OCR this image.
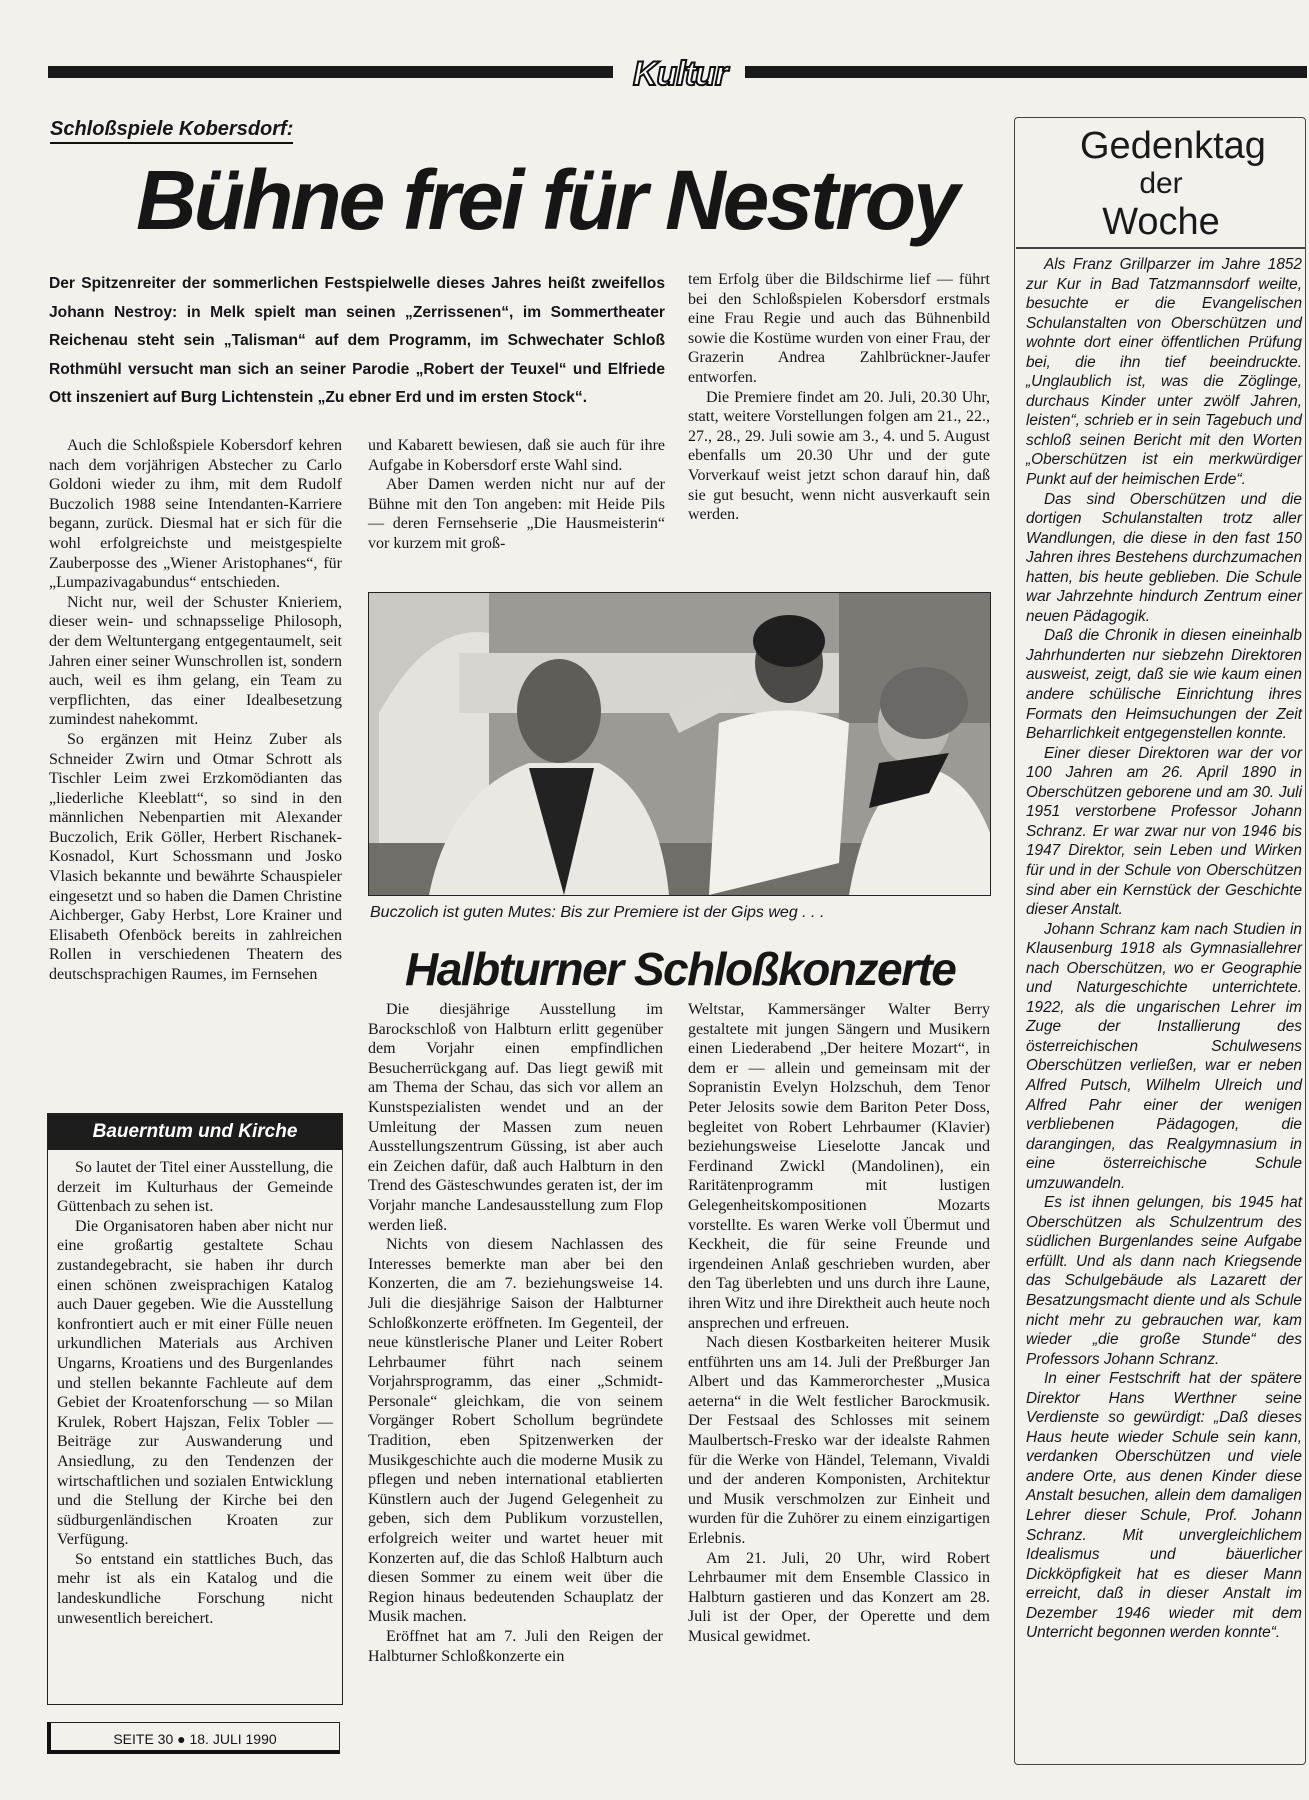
Kultur
Schloßspiele Kobersdorf:
Bühne frei für Nestroy
Der Spitzenreiter der sommerlichen Festspielwelle dieses Jahres heißt zweifellos Johann Nestroy: in Melk spielt man seinen „Zerrissenen“, im Sommertheater Reichenau steht sein „Talisman“ auf dem Programm, im Schwechater Schloß Rothmühl versucht man sich an seiner Parodie „Robert der Teuxel“ und Elfriede Ott inszeniert auf Burg Lichtenstein „Zu ebner Erd und im ersten Stock“.

Auch die Schloßspiele Kobersdorf kehren nach dem vorjährigen Abstecher zu Carlo Goldoni wieder zu ihm, mit dem Rudolf Buczolich 1988 seine Intendanten-Karriere begann, zurück. Diesmal hat er sich für die wohl erfolgreichste und meistgespielte Zauberposse des „Wiener Aristophanes“, für „Lumpazivagabundus“ entschieden.

Nicht nur, weil der Schuster Knieriem, dieser wein- und schnapsselige Philosoph, der dem Weltuntergang entgegentaumelt, seit Jahren einer seiner Wunschrollen ist, sondern auch, weil es ihm gelang, ein Team zu verpflichten, das einer Idealbesetzung zumindest nahekommt.

So ergänzen mit Heinz Zuber als Schneider Zwirn und Otmar Schrott als Tischler Leim zwei Erzkomödianten das „liederliche Kleeblatt“, so sind in den männlichen Nebenpartien mit Alexander Buczolich, Erik Göller, Herbert Rischanek-Kosnadol, Kurt Schossmann und Josko Vlasich bekannte und bewährte Schauspieler eingesetzt und so haben die Damen Christine Aichberger, Gaby Herbst, Lore Krainer und Elisabeth Ofenböck bereits in zahlreichen Rollen in verschiedenen Theatern des deutschsprachigen Raumes, im Fernsehen

und Kabarett bewiesen, daß sie auch für ihre Aufgabe in Kobersdorf erste Wahl sind.

Aber Damen werden nicht nur auf der Bühne mit den Ton angeben: mit Heide Pils — deren Fernsehserie „Die Hausmeisterin“ vor kurzem mit groß-

tem Erfolg über die Bildschirme lief — führt bei den Schloßspielen Kobersdorf erstmals eine Frau Regie und auch das Bühnenbild sowie die Kostüme wurden von einer Frau, der Grazerin Andrea Zahlbrückner-Jaufer entworfen.

Die Premiere findet am 20. Juli, 20.30 Uhr, statt, weitere Vorstellungen folgen am 21., 22., 27., 28., 29. Juli sowie am 3., 4. und 5. August ebenfalls um 20.30 Uhr und der gute Vorverkauf weist jetzt schon darauf hin, daß sie gut besucht, wenn nicht ausverkauft sein werden.

Buczolich ist guten Mutes: Bis zur Premiere ist der Gips weg . . .
Halbturner Schloßkonzerte

Die diesjährige Ausstellung im Barockschloß von Halbturn erlitt gegenüber dem Vorjahr einen empfindlichen Besucherrückgang auf. Das liegt gewiß mit am Thema der Schau, das sich vor allem an Kunstspezialisten wendet und an der Umleitung der Massen zum neuen Ausstellungszentrum Güssing, ist aber auch ein Zeichen dafür, daß auch Halbturn in den Trend des Gästeschwundes geraten ist, der im Vorjahr manche Landesausstellung zum Flop werden ließ.

Nichts von diesem Nachlassen des Interesses bemerkte man aber bei den Konzerten, die am 7. beziehungsweise 14. Juli die diesjährige Saison der Halbturner Schloßkonzerte eröffneten. Im Gegenteil, der neue künstlerische Planer und Leiter Robert Lehrbaumer führt nach seinem Vorjahrsprogramm, das einer „Schmidt-Personale“ gleichkam, die von seinem Vorgänger Robert Schollum begründete Tradition, eben Spitzenwerken der Musikgeschichte auch die moderne Musik zu pflegen und neben international etablierten Künstlern auch der Jugend Gelegenheit zu geben, sich dem Publikum vorzustellen, erfolgreich weiter und wartet heuer mit Konzerten auf, die das Schloß Halbturn auch diesen Sommer zu einem weit über die Region hinaus bedeutenden Schauplatz der Musik machen.

Eröffnet hat am 7. Juli den Reigen der Halbturner Schloßkonzerte ein

Weltstar, Kammersänger Walter Berry gestaltete mit jungen Sängern und Musikern einen Liederabend „Der heitere Mozart“, in dem er — allein und gemeinsam mit der Sopranistin Evelyn Holzschuh, dem Tenor Peter Jelosits sowie dem Bariton Peter Doss, begleitet von Robert Lehrbaumer (Klavier) beziehungsweise Lieselotte Jancak und Ferdinand Zwickl (Mandolinen), ein Raritätenprogramm mit lustigen Gelegenheitskompositionen Mozarts vorstellte. Es waren Werke voll Übermut und Keckheit, die für seine Freunde und irgendeinen Anlaß geschrieben wurden, aber den Tag überlebten und uns durch ihre Laune, ihren Witz und ihre Direktheit auch heute noch ansprechen und erfreuen.

Nach diesen Kostbarkeiten heiterer Musik entführten uns am 14. Juli der Preßburger Jan Albert und das Kammerorchester „Musica aeterna“ in die Welt festlicher Barockmusik. Der Festsaal des Schlosses mit seinem Maulbertsch-Fresko war der idealste Rahmen für die Werke von Händel, Telemann, Vivaldi und der anderen Komponisten, Architektur und Musik verschmolzen zur Einheit und wurden für die Zuhörer zu einem einzigartigen Erlebnis.

Am 21. Juli, 20 Uhr, wird Robert Lehrbaumer mit dem Ensemble Classico in Halbturn gastieren und das Konzert am 28. Juli ist der Oper, der Operette und dem Musical gewidmet.

Bauerntum und Kirche

So lautet der Titel einer Ausstellung, die derzeit im Kulturhaus der Gemeinde Güttenbach zu sehen ist.

Die Organisatoren haben aber nicht nur eine großartig gestaltete Schau zustandegebracht, sie haben ihr durch einen schönen zweisprachigen Katalog auch Dauer gegeben. Wie die Ausstellung konfrontiert auch er mit einer Fülle neuen urkundlichen Materials aus Archiven Ungarns, Kroatiens und des Burgenlandes und stellen bekannte Fachleute auf dem Gebiet der Kroatenforschung — so Milan Krulek, Robert Hajszan, Felix Tobler — Beiträge zur Auswanderung und Ansiedlung, zu den Tendenzen der wirtschaftlichen und sozialen Entwicklung und die Stellung der Kirche bei den südburgenländischen Kroaten zur Verfügung.

So entstand ein stattliches Buch, das mehr ist als ein Katalog und die landeskundliche Forschung nicht unwesentlich bereichert.

SEITE 30 ● 18. JULI 1990
Gedenktag
der
Woche

Als Franz Grillparzer im Jahre 1852 zur Kur in Bad Tatzmannsdorf weilte, besuchte er die Evangelischen Schulanstalten von Oberschützen und wohnte dort einer öffentlichen Prüfung bei, die ihn tief beeindruckte. „Unglaublich ist, was die Zöglinge, durchaus Kinder unter zwölf Jahren, leisten“, schrieb er in sein Tagebuch und schloß seinen Bericht mit den Worten „Oberschützen ist ein merkwürdiger Punkt auf der heimischen Erde“.

Das sind Oberschützen und die dortigen Schulanstalten trotz aller Wandlungen, die diese in den fast 150 Jahren ihres Bestehens durchzumachen hatten, bis heute geblieben. Die Schule war Jahrzehnte hindurch Zentrum einer neuen Pädagogik.

Daß die Chronik in diesen eineinhalb Jahrhunderten nur siebzehn Direktoren ausweist, zeigt, daß sie wie kaum einen andere schülische Einrichtung ihres Formats den Heimsuchungen der Zeit Beharrlichkeit entgegenstellen konnte.

Einer dieser Direktoren war der vor 100 Jahren am 26. April 1890 in Oberschützen geborene und am 30. Juli 1951 verstorbene Professor Johann Schranz. Er war zwar nur von 1946 bis 1947 Direktor, sein Leben und Wirken für und in der Schule von Oberschützen sind aber ein Kernstück der Geschichte dieser Anstalt.

Johann Schranz kam nach Studien in Klausenburg 1918 als Gymnasiallehrer nach Oberschützen, wo er Geographie und Naturgeschichte unterrichtete. 1922, als die ungarischen Lehrer im Zuge der Installierung des österreichischen Schulwesens Oberschützen verließen, war er neben Alfred Putsch, Wilhelm Ulreich und Alfred Pahr einer der wenigen verbliebenen Pädagogen, die darangingen, das Realgymnasium in eine österreichische Schule umzuwandeln.

Es ist ihnen gelungen, bis 1945 hat Oberschützen als Schulzentrum des südlichen Burgenlandes seine Aufgabe erfüllt. Und als dann nach Kriegsende das Schulgebäude als Lazarett der Besatzungsmacht diente und als Schule nicht mehr zu gebrauchen war, kam wieder „die große Stunde“ des Professors Johann Schranz.

In einer Festschrift hat der spätere Direktor Hans Werthner seine Verdienste so gewürdigt: „Daß dieses Haus heute wieder Schule sein kann, verdanken Oberschützen und viele andere Orte, aus denen Kinder diese Anstalt besuchen, allein dem damaligen Lehrer dieser Schule, Prof. Johann Schranz. Mit unvergleichlichem Idealismus und bäuerlicher Dickköpfigkeit hat es dieser Mann erreicht, daß in dieser Anstalt im Dezember 1946 wieder mit dem Unterricht begonnen werden konnte“.
